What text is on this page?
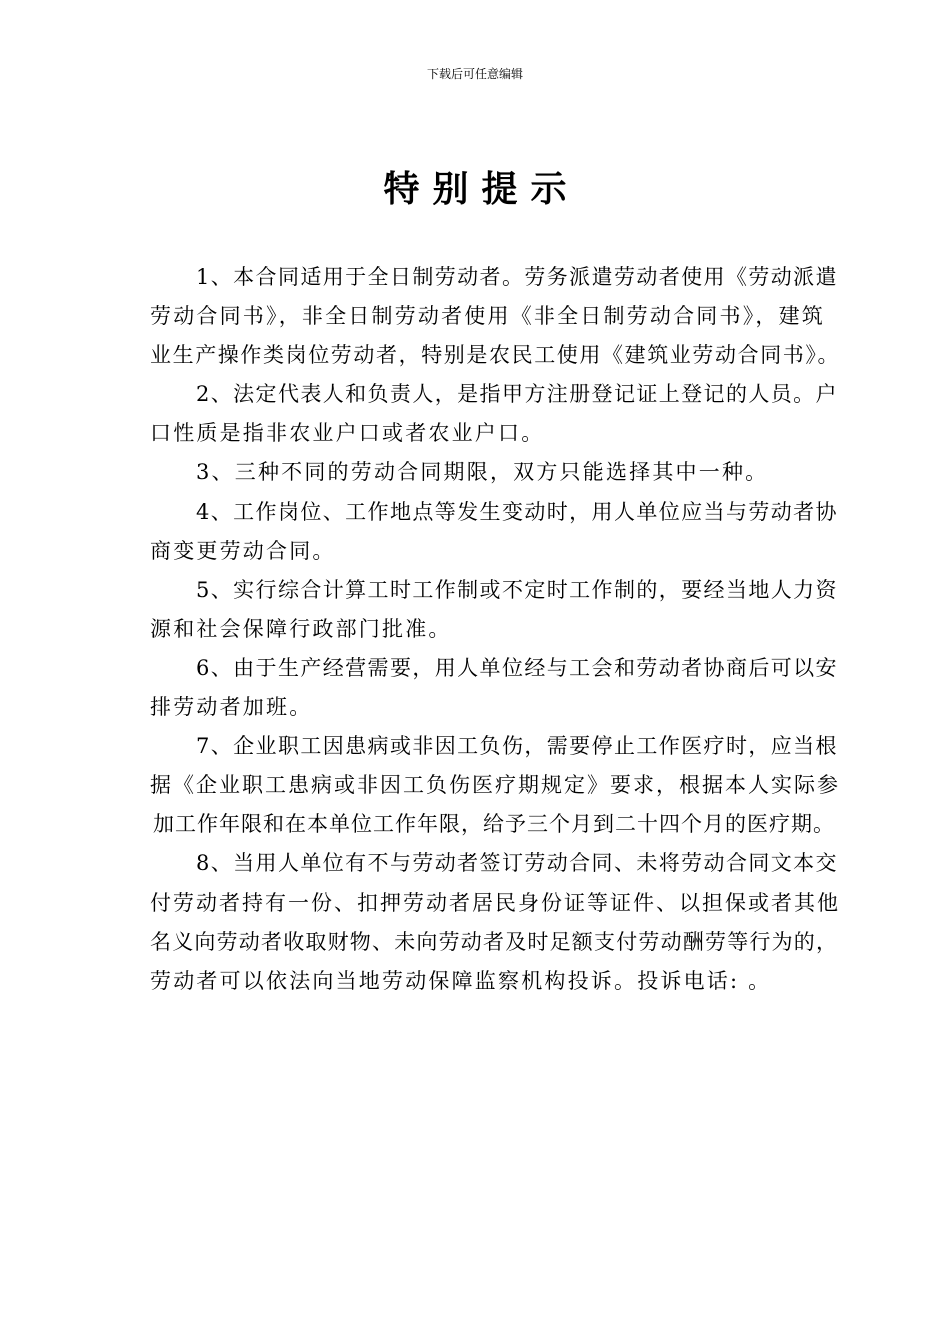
下载后可任意编辑
特别提示
1、本合同适用于全日制劳动者。劳务派遣劳动者使用《劳动派遣
劳动合同书》，非全日制劳动者使用《非全日制劳动合同书》，建筑
业生产操作类岗位劳动者，特别是农民工使用《建筑业劳动合同书》。
2、法定代表人和负责人，是指甲方注册登记证上登记的人员。户
口性质是指非农业户口或者农业户口。
3、三种不同的劳动合同期限，双方只能选择其中一种。
4、工作岗位、工作地点等发生变动时，用人单位应当与劳动者协
商变更劳动合同。
5、实行综合计算工时工作制或不定时工作制的，要经当地人力资
源和社会保障行政部门批准。
6、由于生产经营需要，用人单位经与工会和劳动者协商后可以安
排劳动者加班。
7、企业职工因患病或非因工负伤，需要停止工作医疗时，应当根
据《企业职工患病或非因工负伤医疗期规定》要求，根据本人实际参
加工作年限和在本单位工作年限，给予三个月到二十四个月的医疗期。
8、当用人单位有不与劳动者签订劳动合同、未将劳动合同文本交
付劳动者持有一份、扣押劳动者居民身份证等证件、以担保或者其他
名义向劳动者收取财物、未向劳动者及时足额支付劳动酬劳等行为的，
劳动者可以依法向当地劳动保障监察机构投诉。投诉电话: 。
